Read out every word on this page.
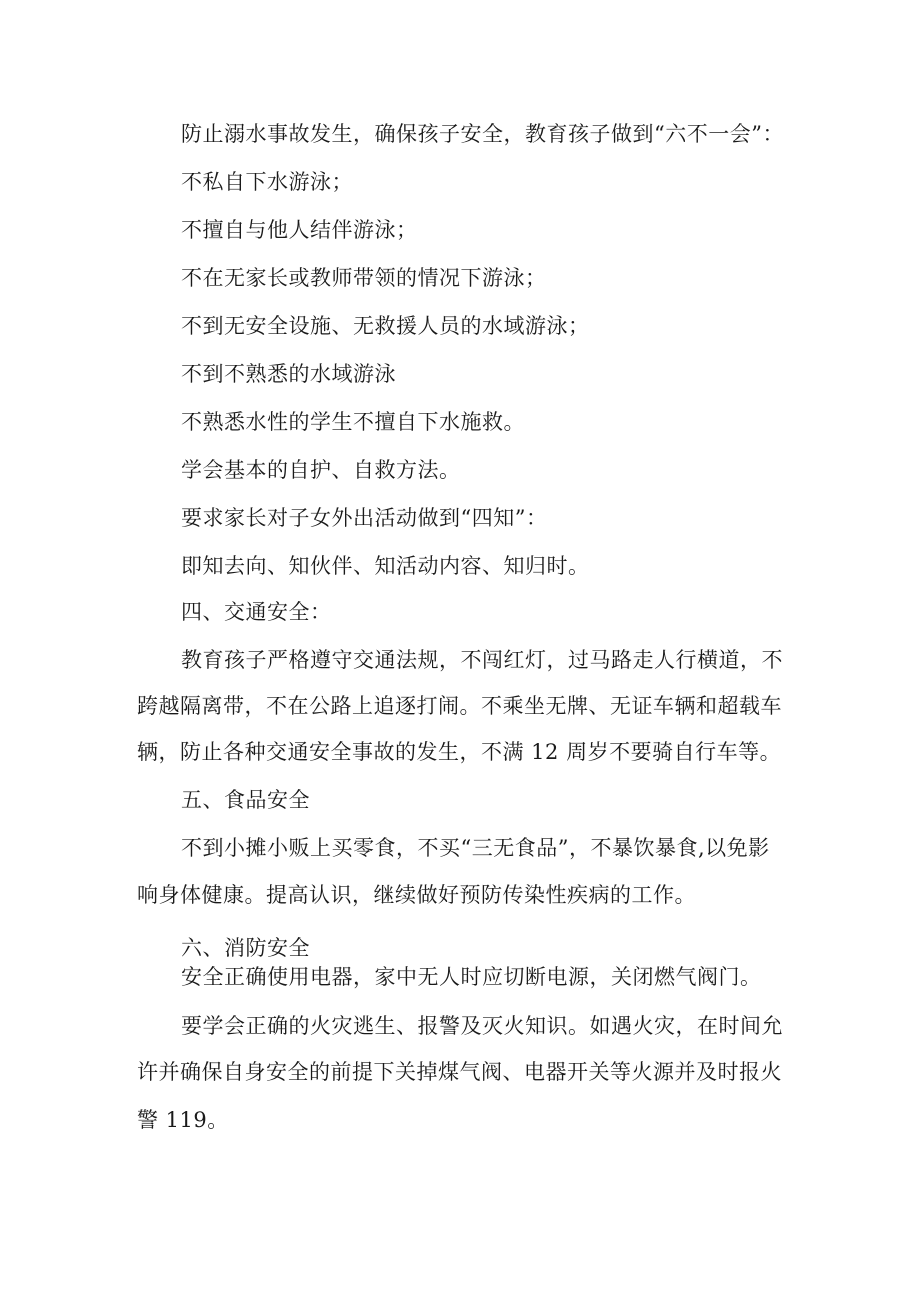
防止溺水事故发生，确保孩子安全，教育孩子做到“六不一会”：
不私自下水游泳；
不擅自与他人结伴游泳；
不在无家长或教师带领的情况下游泳；
不到无安全设施、无救援人员的水域游泳；
不到不熟悉的水域游泳
不熟悉水性的学生不擅自下水施救。
学会基本的自护、自救方法。
要求家长对子女外出活动做到“四知”：
即知去向、知伙伴、知活动内容、知归时。
四、交通安全：
教育孩子严格遵守交通法规，不闯红灯，过马路走人行横道，不
跨越隔离带，不在公路上追逐打闹。不乘坐无牌、无证车辆和超载车
辆，防止各种交通安全事故的发生，不满 12 周岁不要骑自行车等。
五、食品安全
不到小摊小贩上买零食，不买“三无食品”，不暴饮暴食,以免影
响身体健康。提高认识，继续做好预防传染性疾病的工作。
六、消防安全
安全正确使用电器，家中无人时应切断电源，关闭燃气阀门。
要学会正确的火灾逃生、报警及灭火知识。如遇火灾，在时间允
许并确保自身安全的前提下关掉煤气阀、电器开关等火源并及时报火
警 119。
